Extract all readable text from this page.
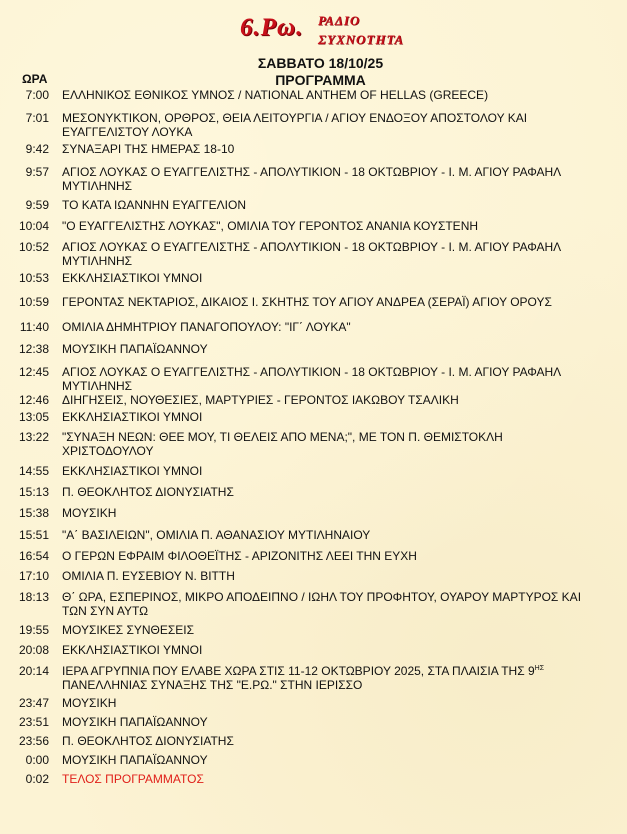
6.Ρω. ΡΑΔΙΟ
ΣΥΧΝΟΤΗΤΑ
ΣΑΒΒΑΤΟ 18/10/25
ΩΡΑ	ΠΡΟΓΡΑΜΜΑ
7:00 ΕΛΛΗΝΙΚΟΣ ΕΘΝΙΚΟΣ ΥΜΝΟΣ / NATIONAL ANTHEM OF HELLAS (GREECE)
7:01 ΜΕΣΟΝΥΚΤΙΚΟΝ, ΟΡΘΡΟΣ, ΘΕΙΑ ΛΕΙΤΟΥΡΓΙΑ / ΑΓΙΟΥ ΕΝΔΟΞΟΥ ΑΠΟΣΤΟΛΟΥ ΚΑΙ ΕΥΑΓΓΕΛΙΣΤΟΥ ΛΟΥΚΑ
9:42 ΣΥΝΑΞΑΡΙ ΤΗΣ ΗΜΕΡΑΣ 18-10
9:57 ΑΓΙΟΣ ΛΟΥΚΑΣ Ο ΕΥΑΓΓΕΛΙΣΤΗΣ - ΑΠΟΛΥΤΙΚΙΟΝ - 18 ΟΚΤΩΒΡΙΟΥ - Ι. Μ. ΑΓΙΟΥ ΡΑΦΑΗΛ ΜΥΤΙΛΗΝΗΣ
9:59 ΤΟ ΚΑΤΑ ΙΩΑΝΝΗΝ ΕΥΑΓΓΕΛΙΟΝ
10:04 "Ο ΕΥΑΓΓΕΛΙΣΤΗΣ ΛΟΥΚΑΣ", ΟΜΙΛΙΑ ΤΟΥ ΓΕΡΟΝΤΟΣ ΑΝΑΝΙΑ ΚΟΥΣΤΕΝΗ
10:52 ΑΓΙΟΣ ΛΟΥΚΑΣ Ο ΕΥΑΓΓΕΛΙΣΤΗΣ - ΑΠΟΛΥΤΙΚΙΟΝ - 18 ΟΚΤΩΒΡΙΟΥ - Ι. Μ. ΑΓΙΟΥ ΡΑΦΑΗΛ ΜΥΤΙΛΗΝΗΣ
10:53 ΕΚΚΛΗΣΙΑΣΤΙΚΟΙ ΥΜΝΟΙ
10:59 ΓΕΡΟΝΤΑΣ ΝΕΚΤΑΡΙΟΣ, ΔΙΚΑΙΟΣ Ι. ΣΚΗΤΗΣ ΤΟΥ ΑΓΙΟΥ ΑΝΔΡΕΑ (ΣΕΡΑΪ) ΑΓΙΟΥ ΟΡΟΥΣ
11:40 ΟΜΙΛΙΑ ΔΗΜΗΤΡΙΟΥ ΠΑΝΑΓΟΠΟΥΛΟΥ: "ΙΓ΄ ΛΟΥΚΑ"
12:38 ΜΟΥΣΙΚΗ ΠΑΠΑΪΩΑΝΝΟΥ
12:45 ΑΓΙΟΣ ΛΟΥΚΑΣ Ο ΕΥΑΓΓΕΛΙΣΤΗΣ - ΑΠΟΛΥΤΙΚΙΟΝ - 18 ΟΚΤΩΒΡΙΟΥ - Ι. Μ. ΑΓΙΟΥ ΡΑΦΑΗΛ ΜΥΤΙΛΗΝΗΣ
12:46 ΔΙΗΓΗΣΕΙΣ, ΝΟΥΘΕΣΙΕΣ, ΜΑΡΤΥΡΙΕΣ - ΓΕΡΟΝΤΟΣ ΙΑΚΩΒΟΥ ΤΣΑΛΙΚΗ
13:05 ΕΚΚΛΗΣΙΑΣΤΙΚΟΙ ΥΜΝΟΙ
13:22 "ΣΥΝΑΞΗ ΝΕΩΝ: ΘΕΕ ΜΟΥ, ΤΙ ΘΕΛΕΙΣ ΑΠΟ ΜΕΝΑ;", ΜΕ ΤΟΝ Π. ΘΕΜΙΣΤΟΚΛΗ ΧΡΙΣΤΟΔΟΥΛΟΥ
14:55 ΕΚΚΛΗΣΙΑΣΤΙΚΟΙ ΥΜΝΟΙ
15:13 Π. ΘΕΟΚΛΗΤΟΣ ΔΙΟΝΥΣΙΑΤΗΣ
15:38 ΜΟΥΣΙΚΗ
15:51 "Α΄ ΒΑΣΙΛΕΙΩΝ", ΟΜΙΛΙΑ Π. ΑΘΑΝΑΣΙΟΥ ΜΥΤΙΛΗΝΑΙΟΥ
16:54 Ο ΓΕΡΩΝ ΕΦΡΑΙΜ ΦΙΛΟΘΕΪΤΗΣ - ΑΡΙΖΟΝΙΤΗΣ ΛΕΕΙ ΤΗΝ ΕΥΧΗ
17:10 ΟΜΙΛΙΑ Π. ΕΥΣΕΒΙΟΥ Ν. ΒΙΤΤΗ
18:13 Θ΄ ΩΡΑ, ΕΣΠΕΡΙΝΟΣ, ΜΙΚΡΟ ΑΠΟΔΕΙΠΝΟ / ΙΩΗΛ ΤΟΥ ΠΡΟΦΗΤΟΥ, ΟΥΑΡΟΥ ΜΑΡΤΥΡΟΣ ΚΑΙ ΤΩΝ ΣΥΝ ΑΥΤΩ
19:55 ΜΟΥΣΙΚΕΣ ΣΥΝΘΕΣΕΙΣ
20:08 ΕΚΚΛΗΣΙΑΣΤΙΚΟΙ ΥΜΝΟΙ
20:14 ΙΕΡΑ ΑΓΡΥΠΝΙΑ ΠΟΥ ΕΛΑΒΕ ΧΩΡΑ ΣΤΙΣ 11-12 ΟΚΤΩΒΡΙΟΥ 2025, ΣΤΑ ΠΛΑΙΣΙΑ ΤΗΣ $9^{H\Sigma}$ ΠΑΝΕΛΛΗΝΙΑΣ ΣΥΝΑΞΗΣ ΤΗΣ "Ε.ΡΩ." ΣΤΗΝ ΙΕΡΙΣΣΟ
23:47 ΜΟΥΣΙΚΗ
23:51 ΜΟΥΣΙΚΗ ΠΑΠΑΪΩΑΝΝΟΥ
23:56 Π. ΘΕΟΚΛΗΤΟΣ ΔΙΟΝΥΣΙΑΤΗΣ
0:00 ΜΟΥΣΙΚΗ ΠΑΠΑΪΩΑΝΝΟΥ
0:02 ΤΕΛΟΣ ΠΡΟΓΡΑΜΜΑΤΟΣ
